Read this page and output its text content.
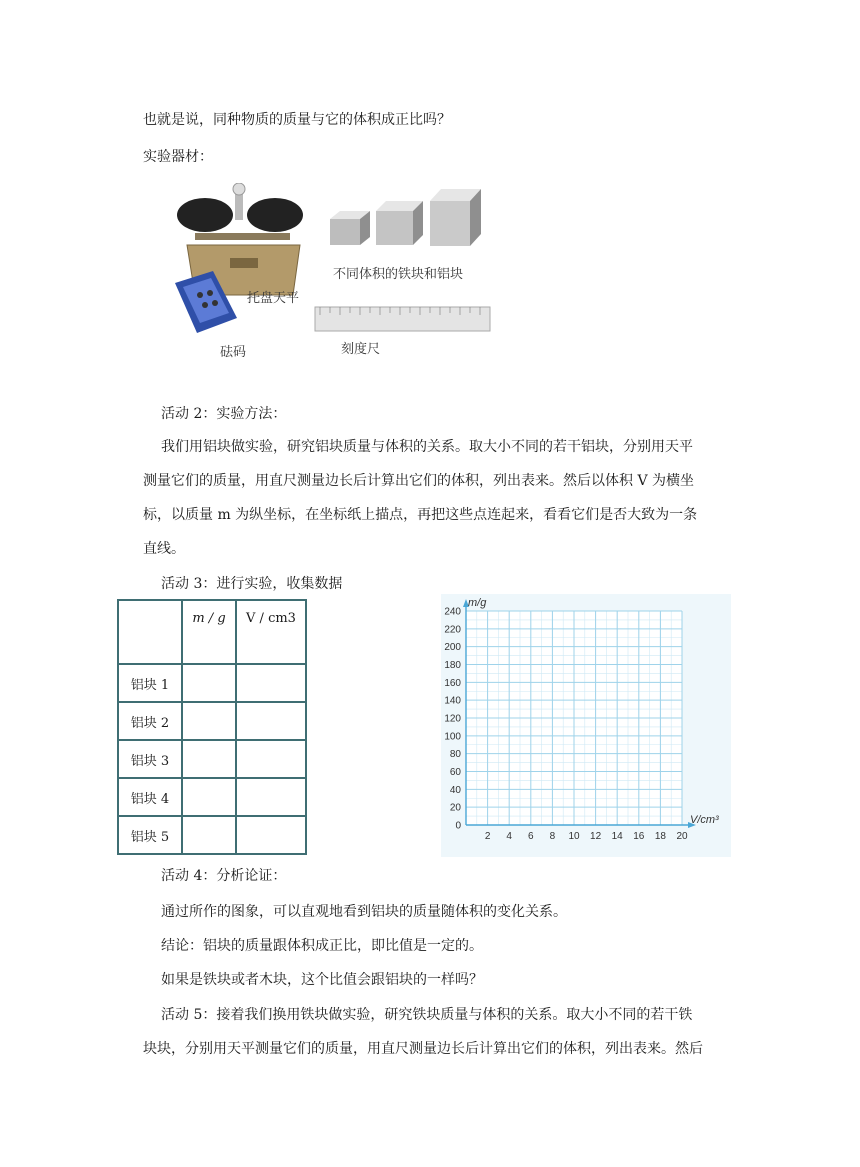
也就是说，同种物质的质量与它的体积成正比吗？
实验器材：
托盘天平
砝码
不同体积的铁块和铝块
刻度尺
活动 2：实验方法：
我们用铝块做实验，研究铝块质量与体积的关系。取大小不同的若干铝块，分别用天平
测量它们的质量，用直尺测量边长后计算出它们的体积，列出表来。然后以体积 V 为横坐
标，以质量 m 为纵坐标，在坐标纸上描点，再把这些点连起来，看看它们是否大致为一条
直线。
活动 3：进行实验，收集数据
	m / g	V / cm3
铝块 1		
铝块 2		
铝块 3		
铝块 4		
铝块 5		
0
20
40
60
80
100
120
140
160
180
200
220
240
2 4 6 8 10 12 14 16 18 20
m/g
V/cm³
活动 4：分析论证：
通过所作的图象，可以直观地看到铝块的质量随体积的变化关系。
结论：铝块的质量跟体积成正比，即比值是一定的。
如果是铁块或者木块，这个比值会跟铝块的一样吗？
活动 5：接着我们换用铁块做实验，研究铁块质量与体积的关系。取大小不同的若干铁
块块，分别用天平测量它们的质量，用直尺测量边长后计算出它们的体积，列出表来。然后
